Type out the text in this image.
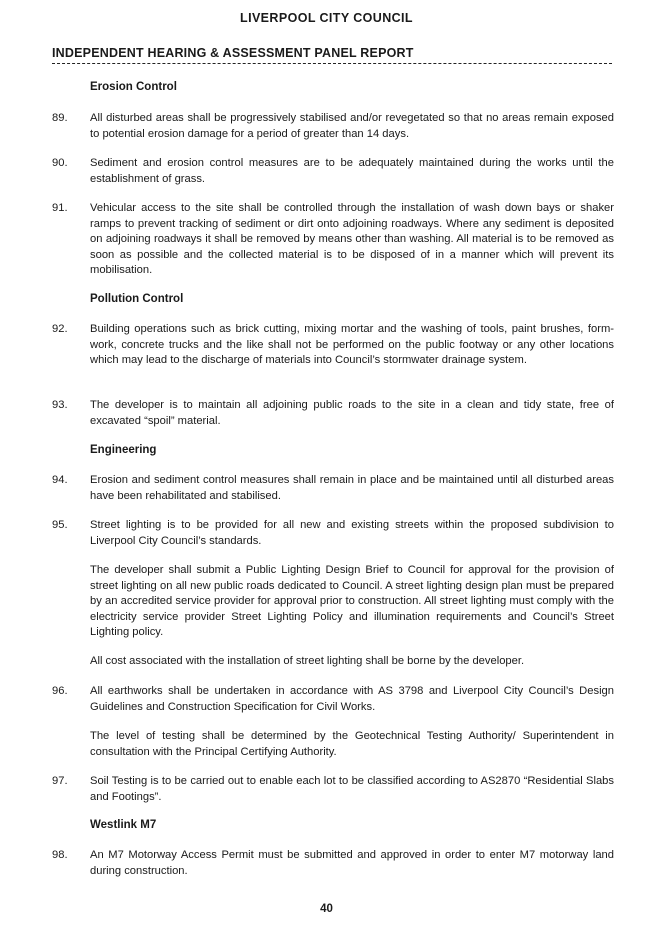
LIVERPOOL CITY COUNCIL
INDEPENDENT HEARING & ASSESSMENT PANEL REPORT
Erosion Control
89.	All disturbed areas shall be progressively stabilised and/or revegetated so that no areas remain exposed to potential erosion damage for a period of greater than 14 days.
90.	Sediment and erosion control measures are to be adequately maintained during the works until the establishment of grass.
91.	Vehicular access to the site shall be controlled through the installation of wash down bays or shaker ramps to prevent tracking of sediment or dirt onto adjoining roadways. Where any sediment is deposited on adjoining roadways it shall be removed by means other than washing. All material is to be removed as soon as possible and the collected material is to be disposed of in a manner which will prevent its mobilisation.
Pollution Control
92.	Building operations such as brick cutting, mixing mortar and the washing of tools, paint brushes, form-work, concrete trucks and the like shall not be performed on the public footway or any other locations which may lead to the discharge of materials into Council’s stormwater drainage system.
93.	The developer is to maintain all adjoining public roads to the site in a clean and tidy state, free of excavated “spoil” material.
Engineering
94.	Erosion and sediment control measures shall remain in place and be maintained until all disturbed areas have been rehabilitated and stabilised.
95.	Street lighting is to be provided for all new and existing streets within the proposed subdivision to Liverpool City Council’s standards.
The developer shall submit a Public Lighting Design Brief to Council for approval for the provision of street lighting on all new public roads dedicated to Council. A street lighting design plan must be prepared by an accredited service provider for approval prior to construction. All street lighting must comply with the electricity service provider Street Lighting Policy and illumination requirements and Council’s Street Lighting policy.
All cost associated with the installation of street lighting shall be borne by the developer.
96.	All earthworks shall be undertaken in accordance with AS 3798 and Liverpool City Council’s Design Guidelines and Construction Specification for Civil Works.
The level of testing shall be determined by the Geotechnical Testing Authority/ Superintendent in consultation with the Principal Certifying Authority.
97.	Soil Testing is to be carried out to enable each lot to be classified according to AS2870 “Residential Slabs and Footings”.
Westlink M7
98.	An M7 Motorway Access Permit must be submitted and approved in order to enter M7 motorway land during construction.
40
